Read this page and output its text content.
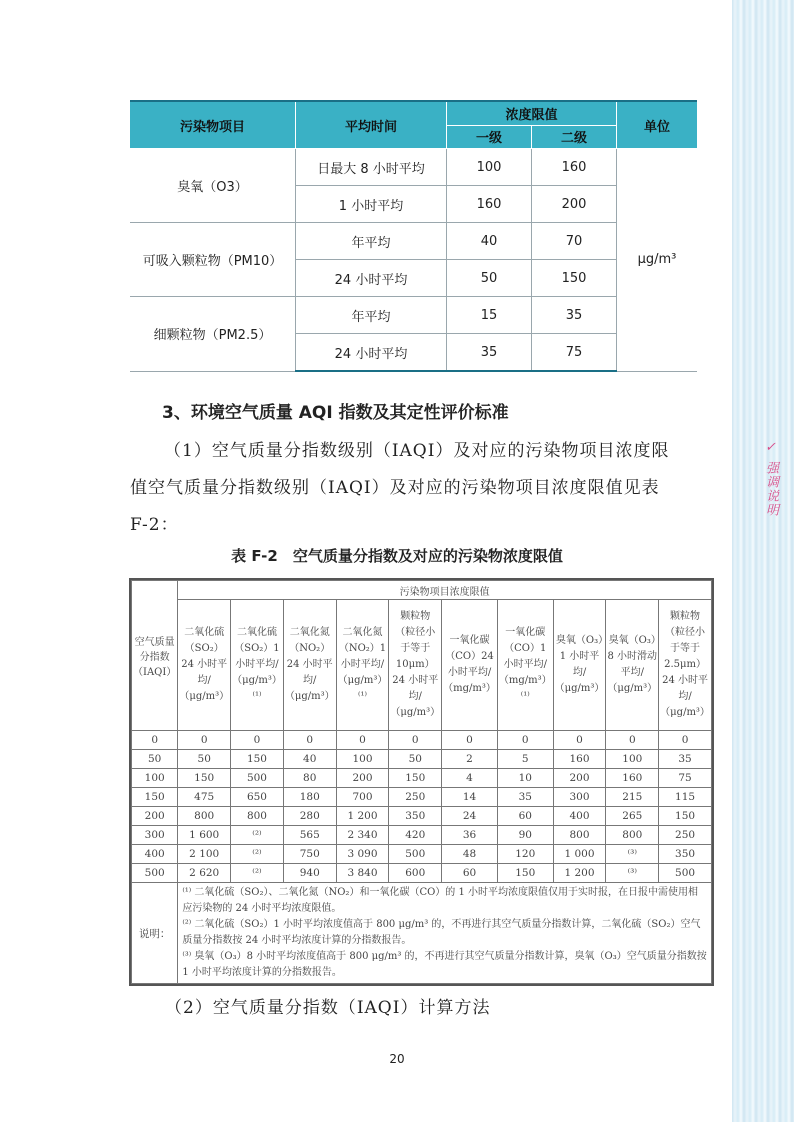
✓ 强调说明
污染物项目	平均时间	浓度限值		单位
		一级	二级	
臭氧（O3）	日最大 8 小时平均	100	160	μg/m³
	1 小时平均	160	200	
可吸入颗粒物（PM10）	年平均	40	70	
	24 小时平均	50	150	
细颗粒物（PM2.5）	年平均	15	35	
	24 小时平均	35	75	
3、环境空气质量 AQI 指数及其定性评价标准
（1）空气质量分指数级别（IAQI）及对应的污染物项目浓度限
值空气质量分指数级别（IAQI）及对应的污染物项目浓度限值见表
F-2：
表 F-2　空气质量分指数及对应的污染物浓度限值
空气质量分指数（IAQI）	污染物项目浓度限值									
	二氧化硫（SO₂）24 小时平均/（μg/m³）	二氧化硫（SO₂）1 小时平均/（μg/m³）⁽¹⁾	二氧化氮（NO₂）24 小时平均/（μg/m³）	二氧化氮（NO₂）1 小时平均/（μg/m³）⁽¹⁾	颗粒物（粒径小于等于10μm）24 小时平均/（μg/m³）	一氧化碳（CO）24 小时平均/（mg/m³）	一氧化碳（CO）1 小时平均/（mg/m³）⁽¹⁾	臭氧（O₃）1 小时平均/（μg/m³）	臭氧（O₃）8 小时滑动平均/（μg/m³）	颗粒物（粒径小于等于2.5μm）24 小时平均/（μg/m³）
0	0	0	0	0	0	0	0	0	0	0
50	50	150	40	100	50	2	5	160	100	35
100	150	500	80	200	150	4	10	200	160	75
150	475	650	180	700	250	14	35	300	215	115
200	800	800	280	1 200	350	24	60	400	265	150
300	1 600	⁽²⁾	565	2 340	420	36	90	800	800	250
400	2 100	⁽²⁾	750	3 090	500	48	120	1 000	⁽³⁾	350
500	2 620	⁽²⁾	940	3 840	600	60	150	1 200	⁽³⁾	500
说明：	⁽¹⁾ 二氧化硫（SO₂）、二氧化氮（NO₂）和一氧化碳（CO）的 1 小时平均浓度限值仅用于实时报，在日报中需使用相应污染物的 24 小时平均浓度限值。
⁽²⁾ 二氧化硫（SO₂）1 小时平均浓度值高于 800 μg/m³ 的，不再进行其空气质量分指数计算，二氧化硫（SO₂）空气质量分指数按 24 小时平均浓度计算的分指数报告。
⁽³⁾ 臭氧（O₃）8 小时平均浓度值高于 800 μg/m³ 的，不再进行其空气质量分指数计算，臭氧（O₃）空气质量分指数按 1 小时平均浓度计算的分指数报告。									
（2）空气质量分指数（IAQI）计算方法
20
